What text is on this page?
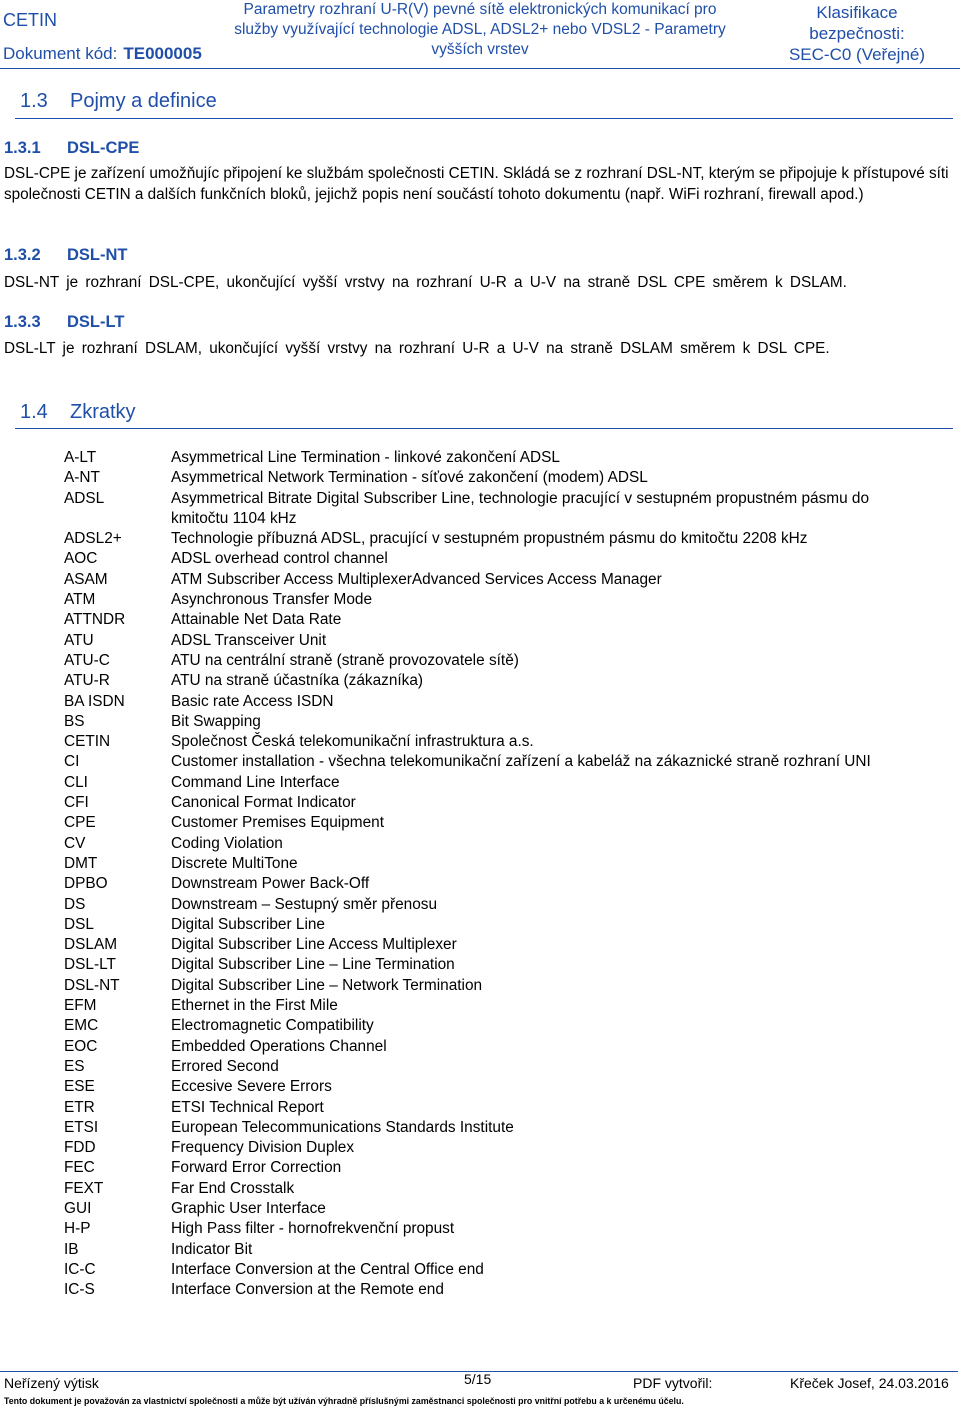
CETIN
Dokument kód: TE000005
Parametry rozhraní U-R(V) pevné sítě elektronických komunikací pro
služby využívající technologie ADSL, ADSL2+ nebo VDSL2 - Parametry
vyšších vrstev
Klasifikace
bezpečnosti:
SEC-C0 (Veřejné)
1.3 Pojmy a definice
1.3.1 DSL-CPE
DSL-CPE je zařízení umožňujíc připojení ke službám společnosti CETIN. Skládá se z rozhraní DSL-NT, kterým se připojuje k přístupové síti společnosti CETIN a dalších funkčních bloků, jejichž popis není součástí tohoto dokumentu (např. WiFi rozhraní, firewall apod.)
1.3.2 DSL-NT
DSL-NT je rozhraní DSL-CPE, ukončující vyšší vrstvy na rozhraní U-R a U-V na straně DSL CPE směrem k DSLAM.
1.3.3 DSL-LT
DSL-LT je rozhraní DSLAM, ukončující vyšší vrstvy na rozhraní U-R a U-V na straně DSLAM směrem k DSL CPE.
1.4 Zkratky
A-LT	Asymmetrical Line Termination - linkové zakončení ADSL
A-NT	Asymmetrical Network Termination - síťové zakončení (modem) ADSL
ADSL	Asymmetrical Bitrate Digital Subscriber Line, technologie pracující v sestupném propustném pásmu do kmitočtu 1104 kHz
ADSL2+	Technologie příbuzná ADSL, pracující v sestupném propustném pásmu do kmitočtu 2208 kHz
AOC	ADSL overhead control channel
ASAM	ATM Subscriber Access MultiplexerAdvanced Services Access Manager
ATM	Asynchronous Transfer Mode
ATTNDR	Attainable Net Data Rate
ATU	ADSL Transceiver Unit
ATU-C	ATU na centrální straně (straně provozovatele sítě)
ATU-R	ATU na straně účastníka (zákazníka)
BA ISDN	Basic rate Access ISDN
BS	Bit Swapping
CETIN	Společnost Česká telekomunikační infrastruktura a.s.
CI	Customer installation - všechna telekomunikační zařízení a kabeláž na zákaznické straně rozhraní UNI
CLI	Command Line Interface
CFI	Canonical Format Indicator
CPE	Customer Premises Equipment
CV	Coding Violation
DMT	Discrete MultiTone
DPBO	Downstream Power Back-Off
DS	Downstream – Sestupný směr přenosu
DSL	Digital Subscriber Line
DSLAM	Digital Subscriber Line Access Multiplexer
DSL-LT	Digital Subscriber Line – Line Termination
DSL-NT	Digital Subscriber Line – Network Termination
EFM	Ethernet in the First Mile
EMC	Electromagnetic Compatibility
EOC	Embedded Operations Channel
ES	Errored Second
ESE	Eccesive Severe Errors
ETR	ETSI Technical Report
ETSI	European Telecommunications Standards Institute
FDD	Frequency Division Duplex
FEC	Forward Error Correction
FEXT	Far End Crosstalk
GUI	Graphic User Interface
H-P	High Pass filter - hornofrekvenční propust
IB	Indicator Bit
IC-C	Interface Conversion at the Central Office end
IC-S	Interface Conversion at the Remote end
Neřízený výtisk	5/15	PDF vytvořil:	Křeček Josef, 24.03.2016
Tento dokument je považován za vlastnictví společnosti a může být užíván výhradně příslušnými zaměstnanci společnosti pro vnitřní potřebu a k určenému účelu.
